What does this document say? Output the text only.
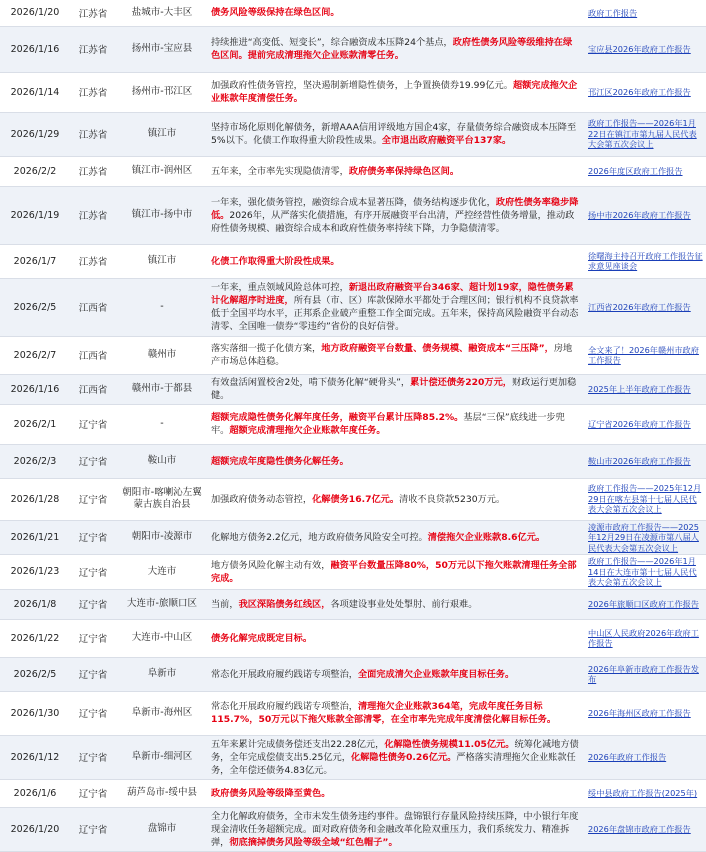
2026/1/20	江苏省	盐城市-大丰区	债务风险等级保持在绿色区间。	政府工作报告
2026/1/16	江苏省	扬州市-宝应县	持续推进“高变低、短变长”，综合融资成本压降24个基点，政府性债务风险等级维持在绿色区间。提前完成清理拖欠企业账款清零任务。	宝应县2026年政府工作报告
2026/1/14	江苏省	扬州市-邗江区	加强政府性债务管控，坚决遏制新增隐性债务，上争置换债券19.99亿元。超额完成拖欠企业账款年度清偿任务。	邗江区2026年政府工作报告
2026/1/29	江苏省	镇江市	坚持市场化原则化解债务，新增AAA信用评级地方国企4家，存量债务综合融资成本压降至5%以下。化债工作取得重大阶段性成果。全市退出政府融资平台137家。	政府工作报告——2026年1月22日在镇江市第九届人民代表大会第五次会议上
2026/2/2	江苏省	镇江市-润州区	五年来，全市率先实现隐债清零，政府债务率保持绿色区间。	2026年度区政府工作报告
2026/1/19	江苏省	镇江市-扬中市	一年来，强化债务管控，融资综合成本显著压降，债务结构逐步优化，政府性债务率稳步降低。2026年，从严落实化债措施，有序开展融资平台出清，严控经营性债务增量，推动政府性债务规模、融资综合成本和政府性债务率持续下降，力争隐债清零。	扬中市2026年政府工作报告
2026/1/7	江苏省	镇江市	化债工作取得重大阶段性成果。	徐曙海主持召开政府工作报告征求意见座谈会
2026/2/5	江西省	-	一年来，重点领域风险总体可控，新退出政府融资平台346家、超计划19家，隐性债务累计化解超序时进度，所有县（市、区）库款保障水平都处于合理区间；银行机构不良贷款率低于全国平均水平，正邦系企业破产重整工作全面完成。五年来，保持高风险融资平台动态清零、全国唯一债券“零违约”省份的良好信誉。	江西省2026年政府工作报告
2026/2/7	江西省	赣州市	落实落细一揽子化债方案，地方政府融资平台数量、债务规模、融资成本“三压降”，房地产市场总体趋稳。	全文来了！2026年赣州市政府工作报告
2026/1/16	江西省	赣州市-于都县	有效盘活闲置校舍2处，啃下债务化解“硬骨头”，累计偿还债务220万元，财政运行更加稳健。	2025年上半年政府工作报告
2026/2/1	辽宁省	-	超额完成隐性债务化解年度任务，融资平台累计压降85.2%。基层“三保”底线进一步兜牢。超额完成清理拖欠企业账款年度任务。	辽宁省2026年政府工作报告
2026/2/3	辽宁省	鞍山市	超额完成年度隐性债务化解任务。	鞍山市2026年政府工作报告
2026/1/28	辽宁省	朝阳市-喀喇沁左翼蒙古族自治县	加强政府债务动态管控，化解债务16.7亿元。清收不良贷款5230万元。	政府工作报告——2025年12月29日在喀左县第十七届人民代表大会第五次会议上
2026/1/21	辽宁省	朝阳市-凌源市	化解地方债务2.2亿元，地方政府债务风险安全可控。清偿拖欠企业账款8.6亿元。	凌源市政府工作报告——2025年12月29日在凌源市第八届人民代表大会第五次会议上
2026/1/23	辽宁省	大连市	地方债务风险化解主动有效，融资平台数量压降80%，50万元以下拖欠账款清理任务全部完成。	政府工作报告——2026年1月14日在大连市第十七届人民代表大会第五次会议上
2026/1/8	辽宁省	大连市-旅顺口区	当前，我区深陷债务红线区，各项建设事业处处掣肘、前行艰难。	2026年旅顺口区政府工作报告
2026/1/22	辽宁省	大连市-中山区	债务化解完成既定目标。	中山区人民政府2026年政府工作报告
2026/2/5	辽宁省	阜新市	常态化开展政府履约践诺专项整治，全面完成清欠企业账款年度目标任务。	2026年阜新市政府工作报告发布
2026/1/30	辽宁省	阜新市-海州区	常态化开展政府履约践诺专项整治，清理拖欠企业账款364笔，完成年度任务目标115.7%，50万元以下拖欠账款全部清零，在全市率先完成年度清偿化解目标任务。	2026年海州区政府工作报告
2026/1/12	辽宁省	阜新市-细河区	五年来累计完成债务偿还支出22.28亿元，化解隐性债务规模11.05亿元。统筹化减地方债务，全年完成偿债支出5.25亿元，化解隐性债务0.26亿元。严格落实清理拖欠企业账款任务，全年偿还债务4.83亿元。	2026年政府工作报告
2026/1/6	辽宁省	葫芦岛市-绥中县	政府债务风险等级降至黄色。	绥中县政府工作报告(2025年)
2026/1/20	辽宁省	盘锦市	全力化解政府债务，全市未发生债务违约事件。盘锦银行存量风险持续压降，中小银行年度现金清收任务超额完成。面对政府债务和金融改革化险双重压力，我们系统发力、精准拆弹，彻底摘掉债务风险等级全域“红色帽子”。	2026年盘锦市政府工作报告
